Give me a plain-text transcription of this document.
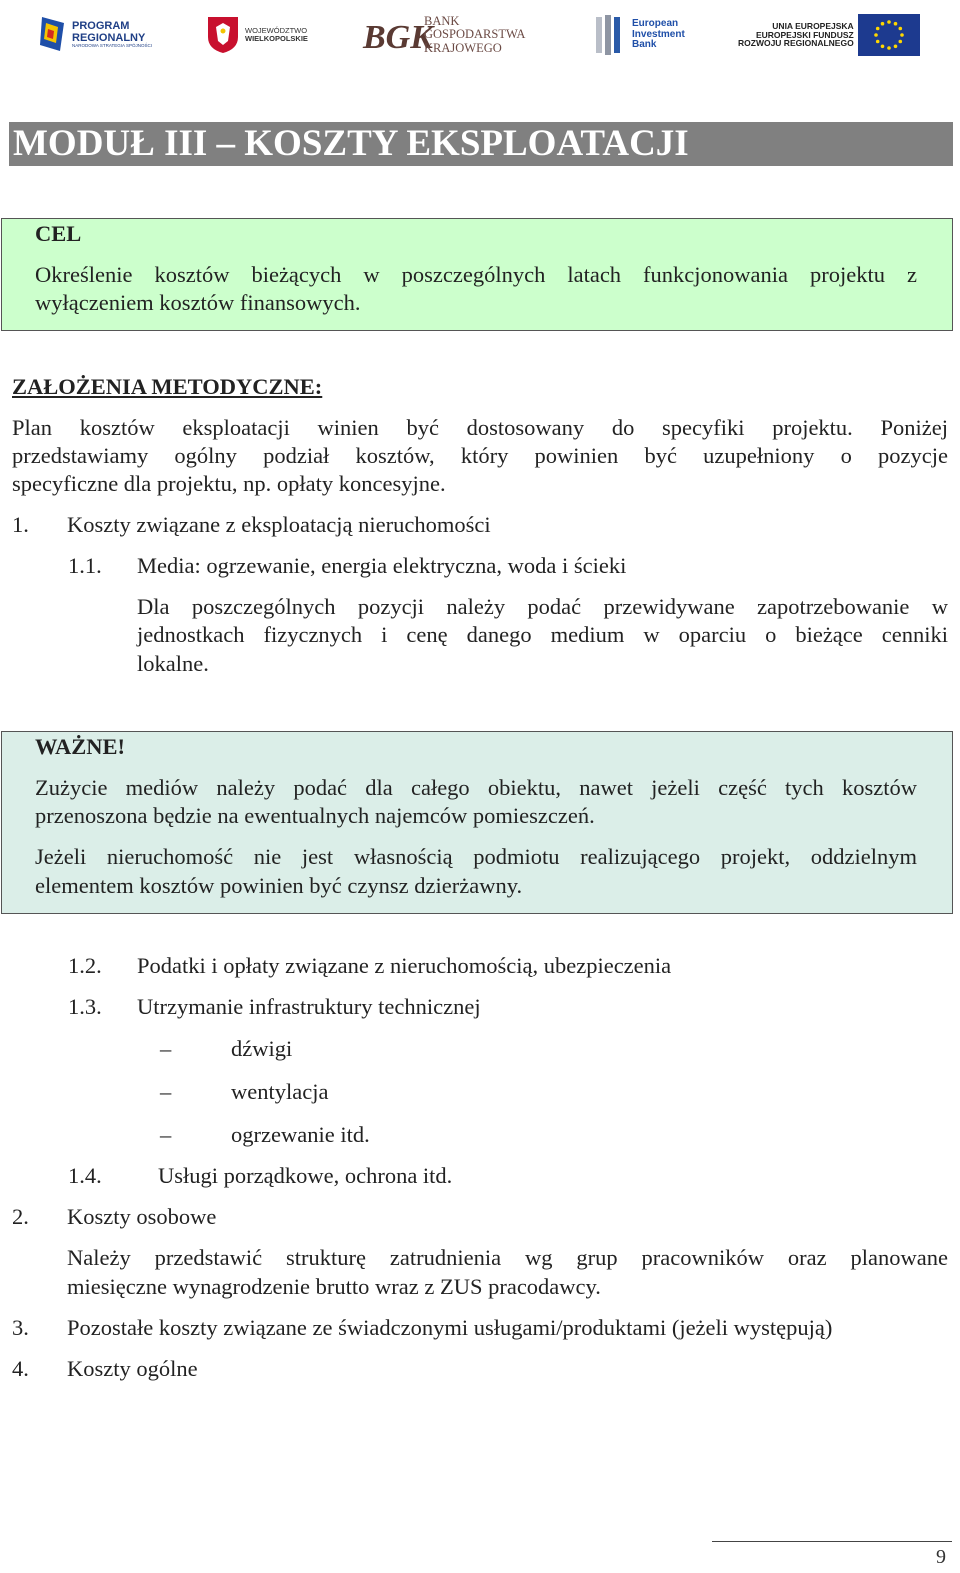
PROGRAM
REGIONALNY
NARODOWA STRATEGIA SPÓJNOŚCI
WOJEWÓDZTWO
WIELKOPOLSKIE BGK
BANK
GOSPODARSTWA
KRAJOWEGO
European
Investment
Bank
UNIA EUROPEJSKA
EUROPEJSKI FUNDUSZ
ROZWOJU REGIONALNEGO
MODUŁ III – KOSZTY EKSPLOATACJI
CEL
Określenie kosztów bieżących w poszczególnych latach funkcjonowania projektu z
wyłączeniem kosztów finansowych.
ZAŁOŻENIA METODYCZNE:
Plan kosztów eksploatacji winien być dostosowany do specyfiki projektu. Poniżej
przedstawiamy ogólny podział kosztów, który powinien być uzupełniony o pozycje
specyficzne dla projektu, np. opłaty koncesyjne.
1. Koszty związane z eksploatacją nieruchomości
1.1. Media: ogrzewanie, energia elektryczna, woda i ścieki
Dla poszczególnych pozycji należy podać przewidywane zapotrzebowanie w
jednostkach fizycznych i cenę danego medium w oparciu o bieżące cenniki
lokalne.
WAŻNE!
Zużycie mediów należy podać dla całego obiektu, nawet jeżeli część tych kosztów
przenoszona będzie na ewentualnych najemców pomieszczeń.
Jeżeli nieruchomość nie jest własnością podmiotu realizującego projekt, oddzielnym
elementem kosztów powinien być czynsz dzierżawny.
1.2. Podatki i opłaty związane z nieruchomością, ubezpieczenia
1.3. Utrzymanie infrastruktury technicznej
–	dźwigi
–	wentylacja
–	ogrzewanie itd.
1.4.	Usługi porządkowe, ochrona itd.
2. Koszty osobowe
Należy przedstawić strukturę zatrudnienia wg grup pracowników oraz planowane
miesięczne wynagrodzenie brutto wraz z ZUS pracodawcy.
3. Pozostałe koszty związane ze świadczonymi usługami/produktami (jeżeli występują)
4. Koszty ogólne
9
